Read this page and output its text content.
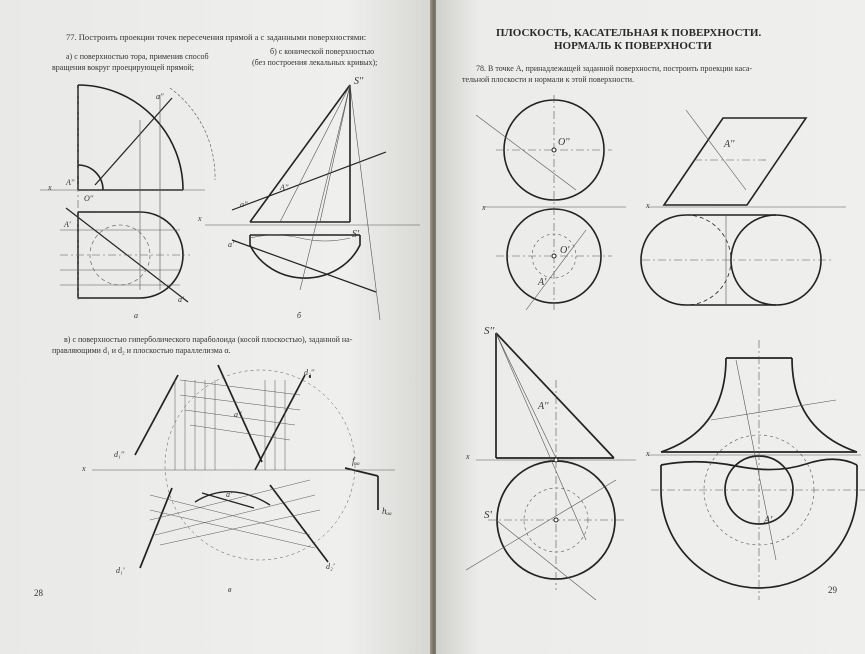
77. Построить проекции точек пересечения прямой a с заданными поверхностями:
а) с поверхностью тора, применив способ
вращения вокруг проецирующей прямой;
б) с конической поверхностью
(без построения лекальных кривых);
а	б
в) с поверхностью гиперболического параболоида (косой плоскостью), заданной на-
правляющими d₁ и d₂ и плоскостью параллелизма α.
в
x
a''
a'
A''
A'
O''
x
S''
S'
a''
a'
A''
x
a''
a'
d₁''
d₂''
d₁'	d₂'
fₒₐ
hₒₐ
28
ПЛОСКОСТЬ, КАСАТЕЛЬНАЯ К ПОВЕРХНОСТИ.
НОРМАЛЬ К ПОВЕРХНОСТИ
78. В точке A, принадлежащей заданной поверхности, построить проекции каса-
тельной плоскости и нормали к этой поверхности.
x
O''
O'
A'
x
A''
S''
S'
A''
x	x
A'
29
